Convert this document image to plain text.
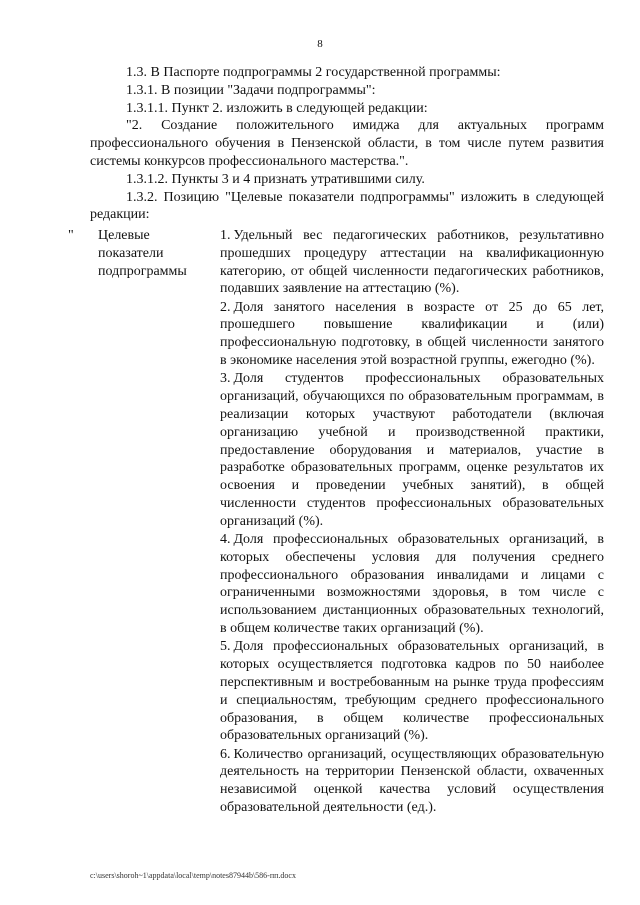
8

1.3. В Паспорте подпрограммы 2 государственной программы:

1.3.1. В позиции "Задачи подпрограммы":

1.3.1.1. Пункт 2. изложить в следующей редакции:

"2. Создание положительного имиджа для актуальных программ профессионального обучения в Пензенской области, в том числе путем развития системы конкурсов профессионального мастерства.".

1.3.1.2. Пункты 3 и 4 признать утратившими силу.

1.3.2. Позицию "Целевые показатели подпрограммы" изложить в следующей редакции:

"	Целевые показатели подпрограммы

1. Удельный вес педагогических работников, результативно прошедших процедуру аттестации на квалификационную категорию, от общей численности педагогических работников, подавших заявление на аттестацию (%).

2. Доля занятого населения в возрасте от 25 до 65 лет, прошедшего повышение квалификации и (или) профессиональную подготовку, в общей численности занятого в экономике населения этой возрастной группы, ежегодно (%).

3. Доля студентов профессиональных образовательных организаций, обучающихся по образовательным программам, в реализации которых участвуют работодатели (включая организацию учебной и производственной практики, предоставление оборудования и материалов, участие в разработке образовательных программ, оценке результатов их освоения и проведении учебных занятий), в общей численности студентов профессиональных образовательных организаций (%).

4. Доля профессиональных образовательных организаций, в которых обеспечены условия для получения среднего профессионального образования инвалидами и лицами с ограниченными возможностями здоровья, в том числе с использованием дистанционных образовательных технологий, в общем количестве таких организаций (%).

5. Доля профессиональных образовательных организаций, в которых осуществляется подготовка кадров по 50 наиболее перспективным и востребованным на рынке труда профессиям и специальностям, требующим среднего профессионального образования, в общем количестве профессиональных образовательных организаций (%).

6. Количество организаций, осуществляющих образовательную деятельность на территории Пензенской области, охваченных независимой оценкой качества условий осуществления образовательной деятельности (ед.).

c:\users\shoroh~1\appdata\local\temp\notes87944b\586-пп.docx
